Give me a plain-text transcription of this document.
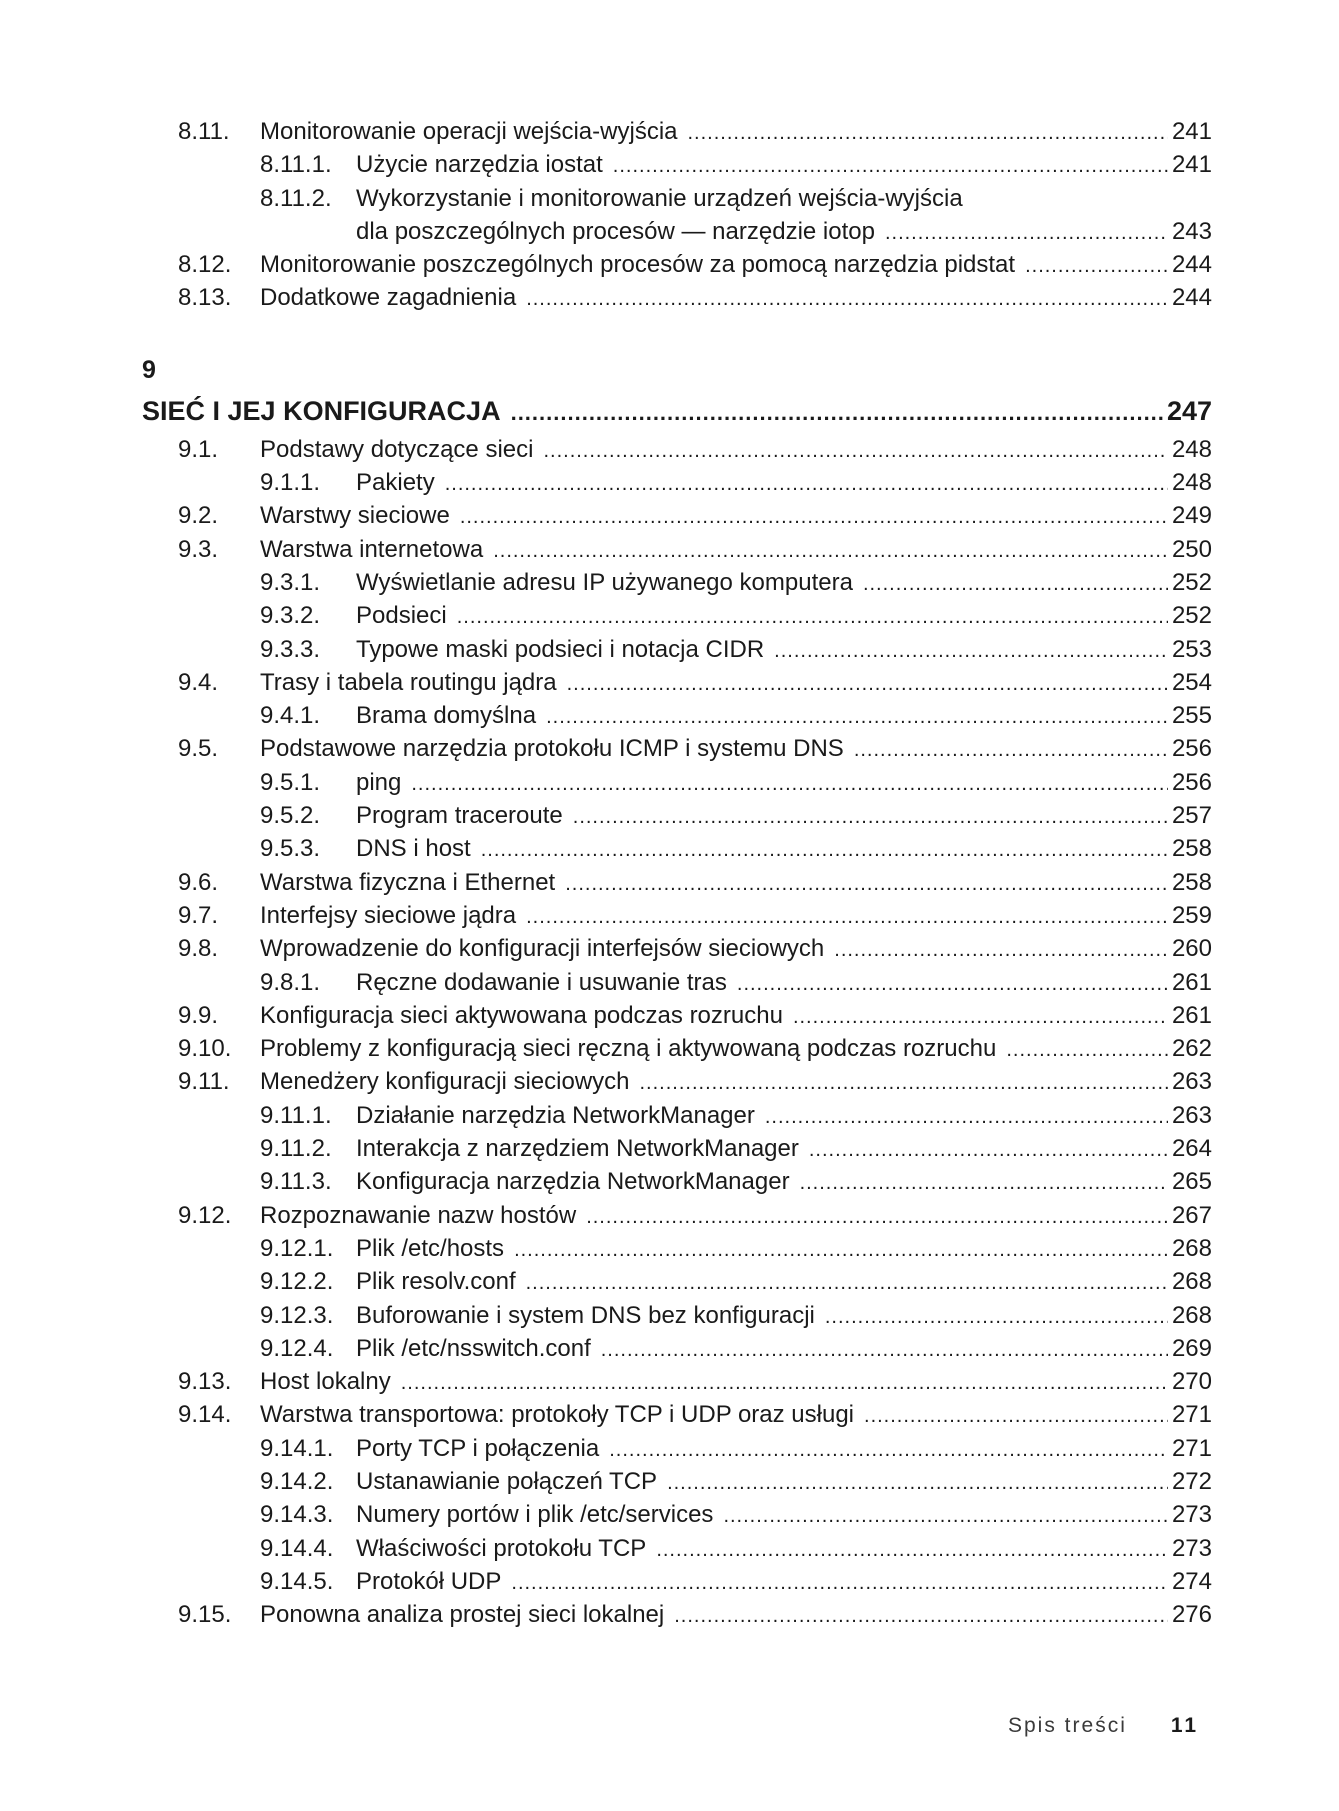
8.11. Monitorowanie operacji wejścia-wyjścia .....	241
8.11.1. Użycie narzędzia iostat .....	241
8.11.2. Wykorzystanie i monitorowanie urządzeń wejścia-wyjścia
dla poszczególnych procesów — narzędzie iotop .....	243
8.12. Monitorowanie poszczególnych procesów za pomocą narzędzia pidstat .....	244
8.13. Dodatkowe zagadnienia .....	244
9
SIEĆ I JEJ KONFIGURACJA .....	247
9.1. Podstawy dotyczące sieci .....	248
9.1.1. Pakiety .....	248
9.2. Warstwy sieciowe .....	249
9.3. Warstwa internetowa .....	250
9.3.1. Wyświetlanie adresu IP używanego komputera .....	252
9.3.2. Podsieci .....	252
9.3.3. Typowe maski podsieci i notacja CIDR .....	253
9.4. Trasy i tabela routingu jądra .....	254
9.4.1. Brama domyślna .....	255
9.5. Podstawowe narzędzia protokołu ICMP i systemu DNS .....	256
9.5.1. ping .....	256
9.5.2. Program traceroute .....	257
9.5.3. DNS i host .....	258
9.6. Warstwa fizyczna i Ethernet .....	258
9.7. Interfejsy sieciowe jądra .....	259
9.8. Wprowadzenie do konfiguracji interfejsów sieciowych .....	260
9.8.1. Ręczne dodawanie i usuwanie tras .....	261
9.9. Konfiguracja sieci aktywowana podczas rozruchu .....	261
9.10. Problemy z konfiguracją sieci ręczną i aktywowaną podczas rozruchu .....	262
9.11. Menedżery konfiguracji sieciowych .....	263
9.11.1. Działanie narzędzia NetworkManager .....	263
9.11.2. Interakcja z narzędziem NetworkManager .....	264
9.11.3. Konfiguracja narzędzia NetworkManager .....	265
9.12. Rozpoznawanie nazw hostów .....	267
9.12.1. Plik /etc/hosts .....	268
9.12.2. Plik resolv.conf .....	268
9.12.3. Buforowanie i system DNS bez konfiguracji .....	268
9.12.4. Plik /etc/nsswitch.conf .....	269
9.13. Host lokalny .....	270
9.14. Warstwa transportowa: protokoły TCP i UDP oraz usługi .....	271
9.14.1. Porty TCP i połączenia .....	271
9.14.2. Ustanawianie połączeń TCP .....	272
9.14.3. Numery portów i plik /etc/services .....	273
9.14.4. Właściwości protokołu TCP .....	273
9.14.5. Protokół UDP .....	274
9.15. Ponowna analiza prostej sieci lokalnej .....	276
Spis treści 11
